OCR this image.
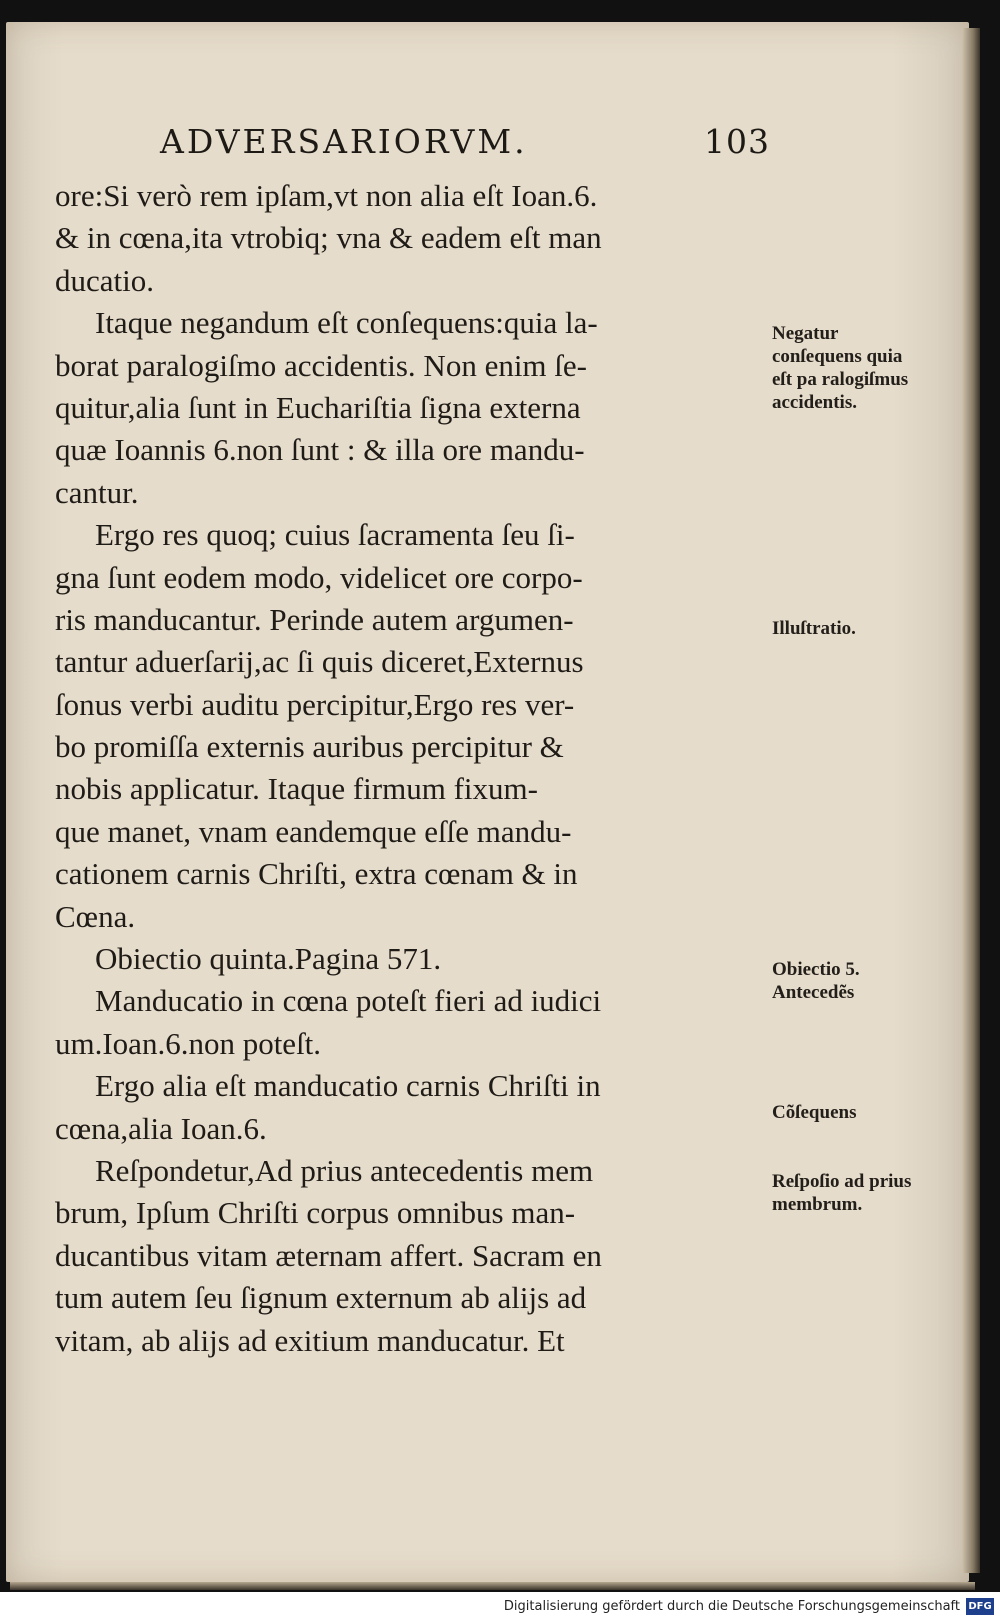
ADVERSARIORVM.	103
ore:Si verò rem ipſam,vt non alia eſt Ioan.6.
& in cœna,ita vtrobiq; vna & eadem eſt man
ducatio.
Itaque negandum eſt conſequens:quia la-
borat paralogiſmo accidentis. Non enim ſe-
quitur,alia ſunt in Euchariſtia ſigna externa
quæ Ioannis 6.non ſunt : & illa ore mandu-
cantur.
Ergo res quoq; cuius ſacramenta ſeu ſi-
gna ſunt eodem modo, videlicet ore corpo-
ris manducantur. Perinde autem argumen-
tantur aduerſarij,ac ſi quis diceret,Externus
ſonus verbi auditu percipitur,Ergo res ver-
bo promiſſa externis auribus percipitur &
nobis applicatur. Itaque firmum fixum-
que manet, vnam eandemque eſſe mandu-
cationem carnis Chriſti, extra cœnam & in
Cœna.
Obiectio quinta.Pagina 571.
Manducatio in cœna poteſt fieri ad iudici
um.Ioan.6.non poteſt.
Ergo alia eſt manducatio carnis Chriſti in
cœna,alia Ioan.6.
Reſpondetur,Ad prius antecedentis mem
brum, Ipſum Chriſti corpus omnibus man-
ducantibus vitam æternam affert. Sacram en
tum autem ſeu ſignum externum ab alijs ad
vitam, ab alijs ad exitium manducatur. Et
Negatur conſequens quia eſt pa ralogiſmus accidentis.
Illuſtratio.
Obiectio 5. Antecedẽs
Cõſequens
Reſpoſio ad prius membrum.
Digitalisierung gefördert durch die Deutsche Forschungsgemeinschaft DFG
